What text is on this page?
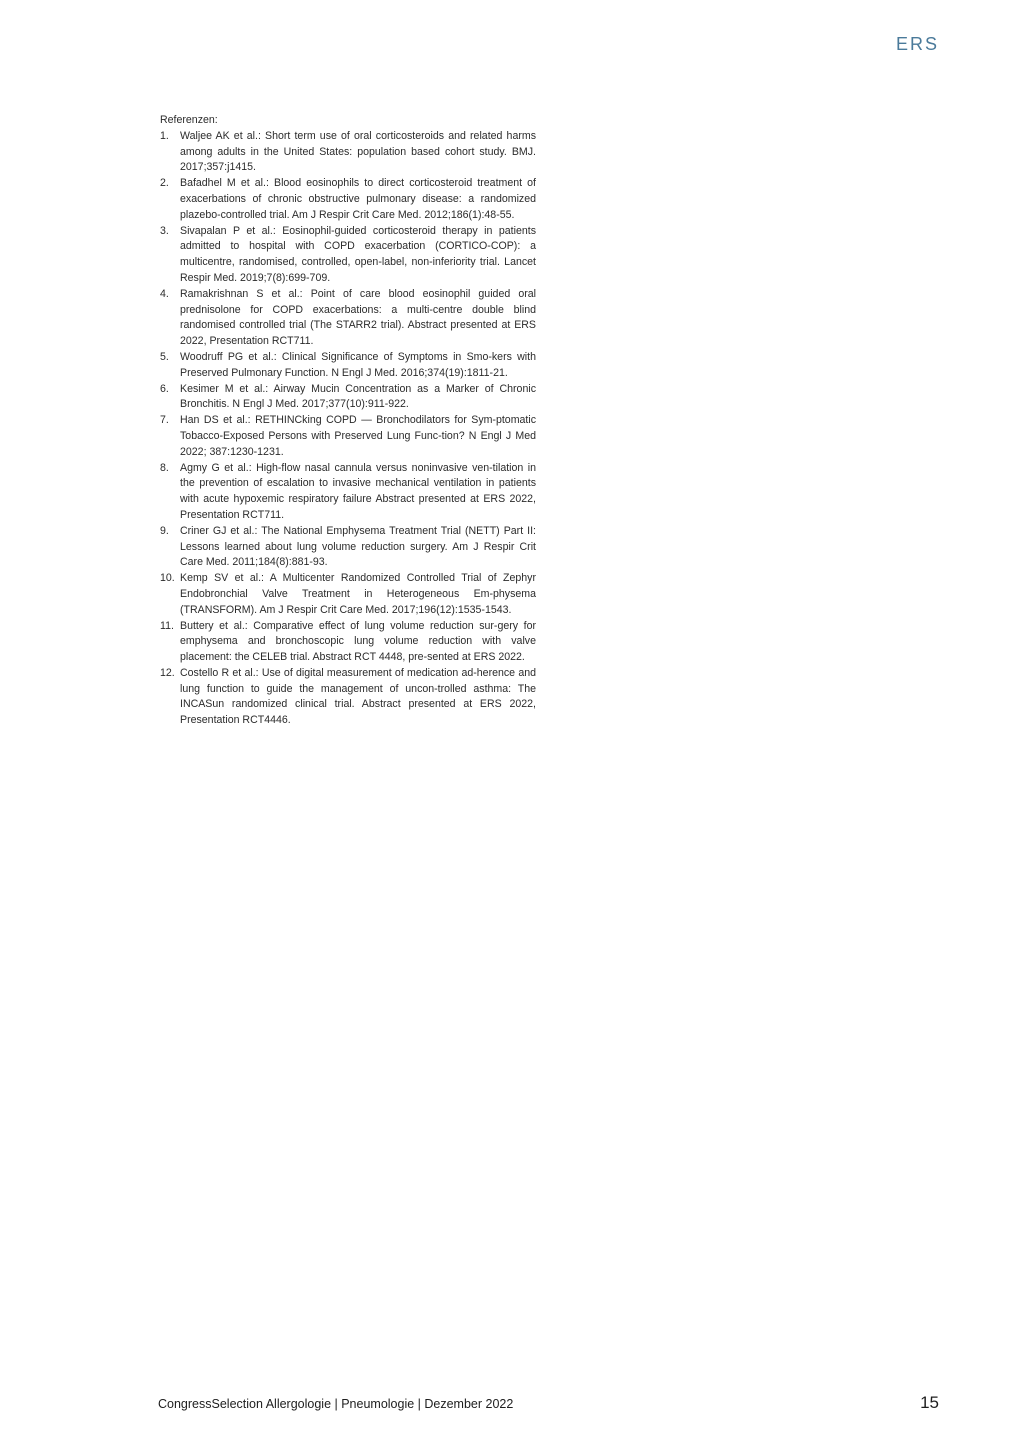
ERS
Referenzen:
1. Waljee AK et al.: Short term use of oral corticosteroids and related harms among adults in the United States: population based cohort study. BMJ. 2017;357:j1415.
2. Bafadhel M et al.: Blood eosinophils to direct corticosteroid treatment of exacerbations of chronic obstructive pulmonary disease: a randomized plazebo-controlled trial. Am J Respir Crit Care Med. 2012;186(1):48-55.
3. Sivapalan P et al.: Eosinophil-guided corticosteroid therapy in patients admitted to hospital with COPD exacerbation (CORTICO-COP): a multicentre, randomised, controlled, open-label, non-inferiority trial. Lancet Respir Med. 2019;7(8):699-709.
4. Ramakrishnan S et al.: Point of care blood eosinophil guided oral prednisolone for COPD exacerbations: a multi-centre double blind randomised controlled trial (The STARR2 trial). Abstract presented at ERS 2022, Presentation RCT711.
5. Woodruff PG et al.: Clinical Significance of Symptoms in Smo-kers with Preserved Pulmonary Function. N Engl J Med. 2016;374(19):1811-21.
6. Kesimer M et al.: Airway Mucin Concentration as a Marker of Chronic Bronchitis. N Engl J Med. 2017;377(10):911-922.
7. Han DS et al.: RETHINCking COPD — Bronchodilators for Sym-ptomatic Tobacco-Exposed Persons with Preserved Lung Func-tion? N Engl J Med 2022; 387:1230-1231.
8. Agmy G et al.: High-flow nasal cannula versus noninvasive ven-tilation in the prevention of escalation to invasive mechanical ventilation in patients with acute hypoxemic respiratory failure Abstract presented at ERS 2022, Presentation RCT711.
9. Criner GJ et al.: The National Emphysema Treatment Trial (NETT) Part II: Lessons learned about lung volume reduction surgery. Am J Respir Crit Care Med. 2011;184(8):881-93.
10. Kemp SV et al.: A Multicenter Randomized Controlled Trial of Zephyr Endobronchial Valve Treatment in Heterogeneous Em-physema (TRANSFORM). Am J Respir Crit Care Med. 2017;196(12):1535-1543.
11. Buttery et al.: Comparative effect of lung volume reduction sur-gery for emphysema and bronchoscopic lung volume reduction with valve placement: the CELEB trial. Abstract RCT 4448, pre-sented at ERS 2022.
12. Costello R et al.: Use of digital measurement of medication ad-herence and lung function to guide the management of uncon-trolled asthma: The INCASun randomized clinical trial. Abstract presented at ERS 2022, Presentation RCT4446.
CongressSelection Allergologie | Pneumologie | Dezember 2022	15
